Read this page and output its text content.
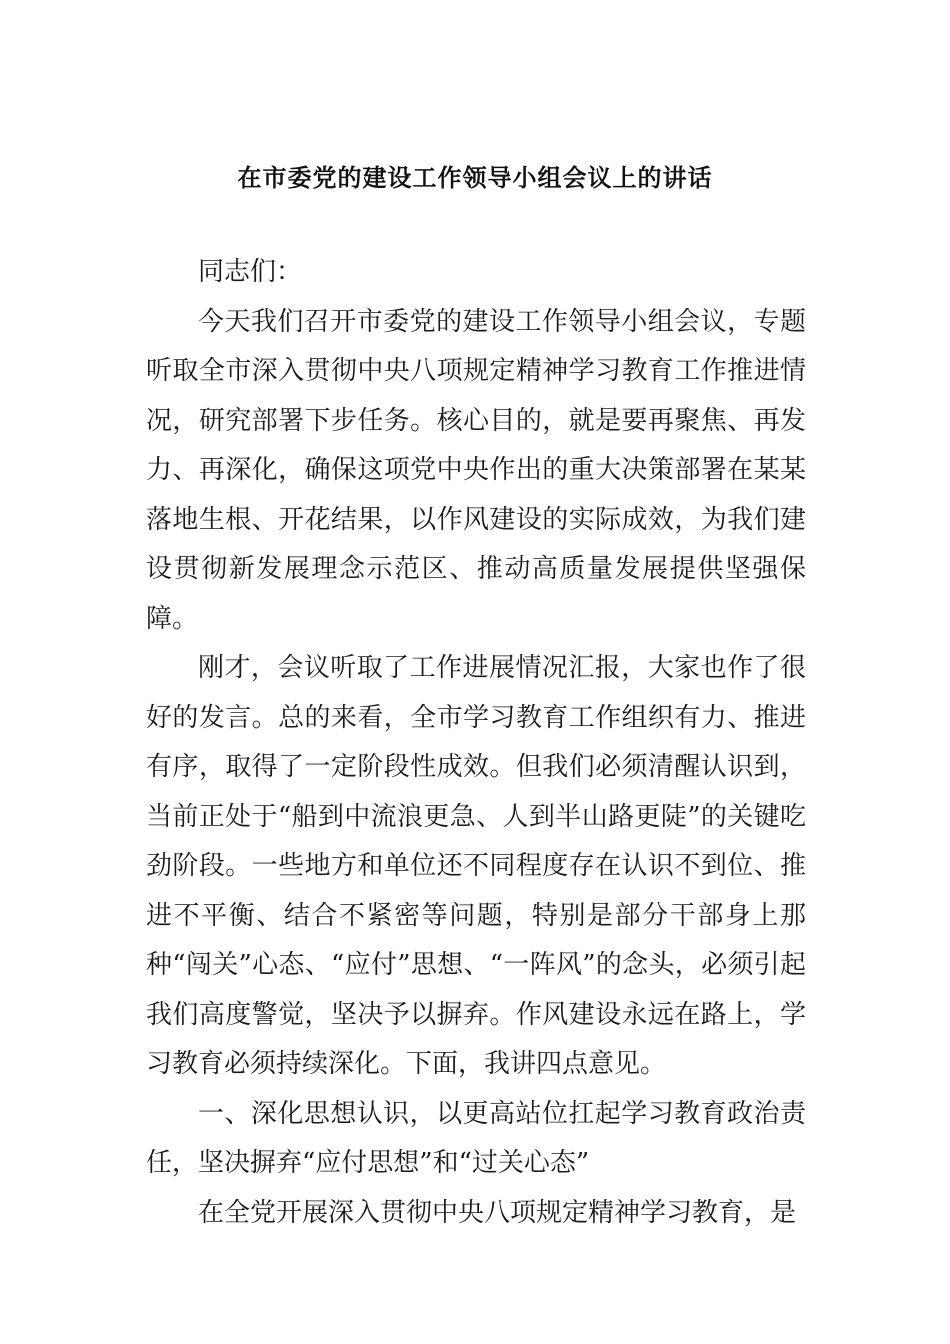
在市委党的建设工作领导小组会议上的讲话

同志们：

今天我们召开市委党的建设工作领导小组会议，专题听取全市深入贯彻中央八项规定精神学习教育工作推进情况，研究部署下步任务。核心目的，就是要再聚焦、再发力、再深化，确保这项党中央作出的重大决策部署在某某落地生根、开花结果，以作风建设的实际成效，为我们建设贯彻新发展理念示范区、推动高质量发展提供坚强保障。

刚才，会议听取了工作进展情况汇报，大家也作了很好的发言。总的来看，全市学习教育工作组织有力、推进有序，取得了一定阶段性成效。但我们必须清醒认识到，当前正处于“船到中流浪更急、人到半山路更陡”的关键吃劲阶段。一些地方和单位还不同程度存在认识不到位、推进不平衡、结合不紧密等问题，特别是部分干部身上那种“闯关”心态、“应付”思想、“一阵风”的念头，必须引起我们高度警觉，坚决予以摒弃。作风建设永远在路上，学习教育必须持续深化。下面，我讲四点意见。

一、深化思想认识，以更高站位扛起学习教育政治责任，坚决摒弃“应付思想”和“过关心态”

在全党开展深入贯彻中央八项规定精神学习教育，是
